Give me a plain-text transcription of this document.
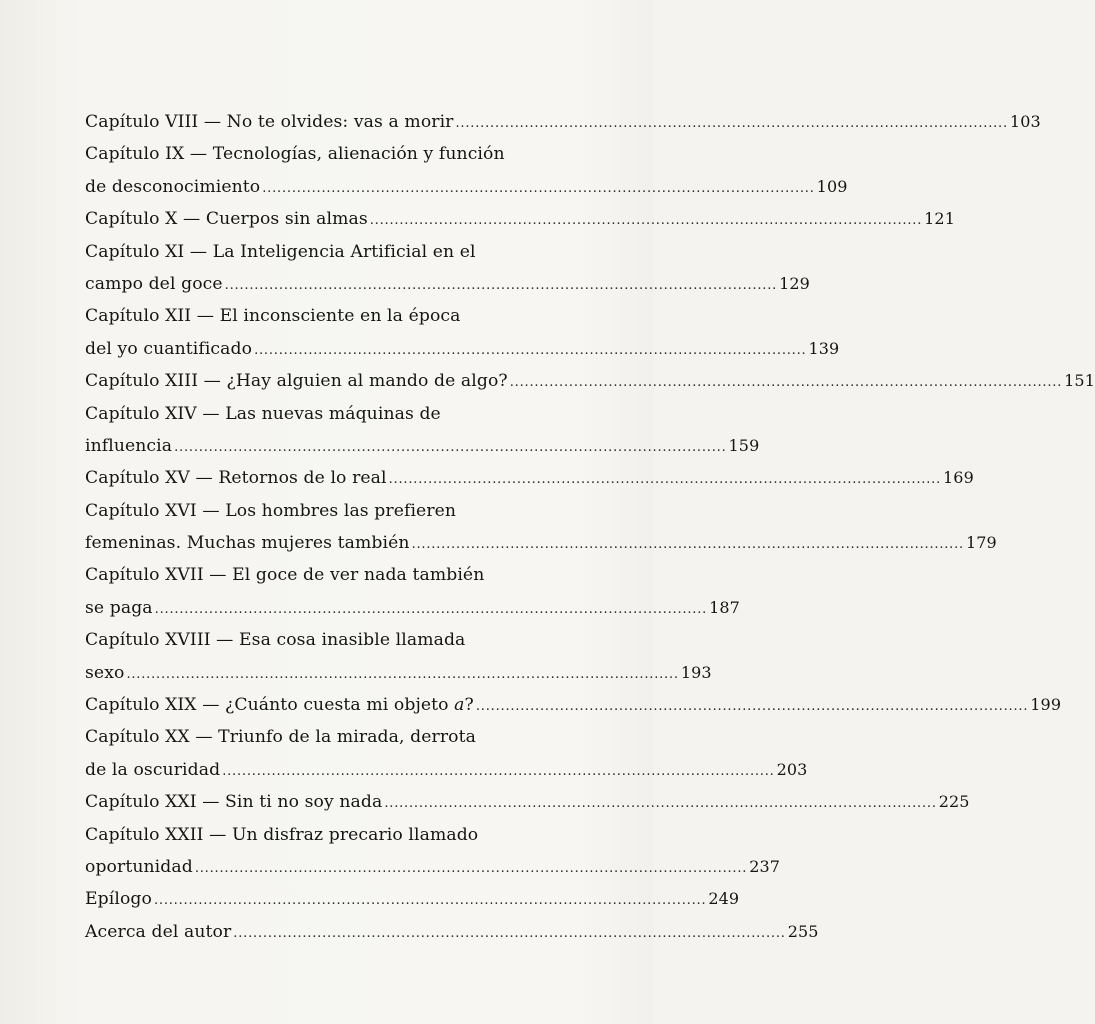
Capítulo VIII — No te olvides: vas a morir ................................................................................................................ 103
Capítulo IX — Tecnologías, alienación y función
de desconocimiento ................................................................................................................ 109
Capítulo X — Cuerpos sin almas ................................................................................................................ 121
Capítulo XI — La Inteligencia Artificial en el
campo del goce ................................................................................................................ 129
Capítulo XII — El inconsciente en la época
del yo cuantificado ................................................................................................................ 139
Capítulo XIII — ¿Hay alguien al mando de algo? ................................................................................................................ 151
Capítulo XIV — Las nuevas máquinas de
influencia ................................................................................................................ 159
Capítulo XV — Retornos de lo real ................................................................................................................ 169
Capítulo XVI — Los hombres las prefieren
femeninas. Muchas mujeres también ................................................................................................................ 179
Capítulo XVII — El goce de ver nada también
se paga ................................................................................................................ 187
Capítulo XVIII — Esa cosa inasible llamada
sexo ................................................................................................................ 193
Capítulo XIX — ¿Cuánto cuesta mi objeto a? ................................................................................................................ 199
Capítulo XX — Triunfo de la mirada, derrota
de la oscuridad ................................................................................................................ 203
Capítulo XXI — Sin ti no soy nada ................................................................................................................ 225
Capítulo XXII — Un disfraz precario llamado
oportunidad ................................................................................................................ 237
Epílogo ................................................................................................................ 249
Acerca del autor ................................................................................................................ 255
